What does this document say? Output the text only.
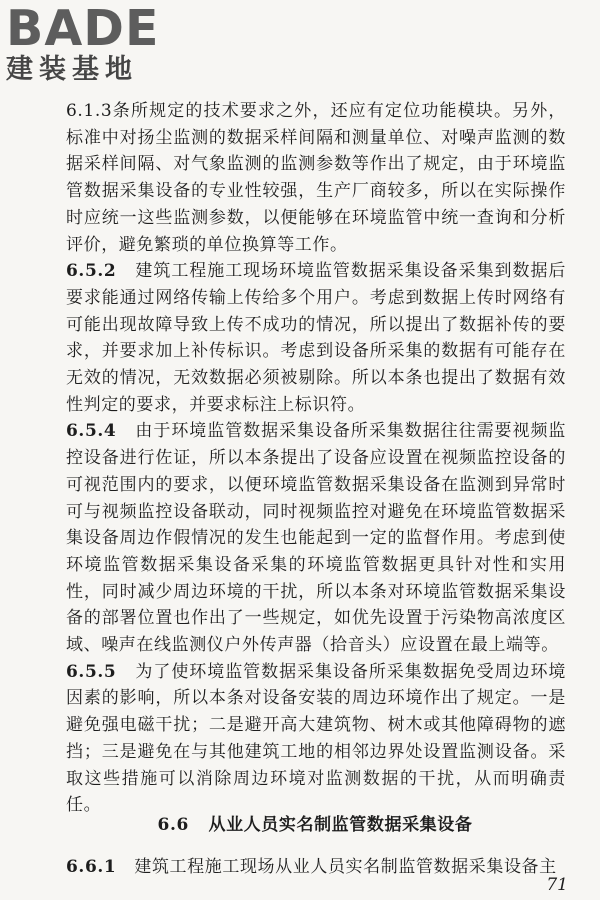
BADE
建装基地

6.1.3条所规定的技术要求之外，还应有定位功能模块。另外，标准中对扬尘监测的数据采样间隔和测量单位、对噪声监测的数据采样间隔、对气象监测的监测参数等作出了规定，由于环境监管数据采集设备的专业性较强，生产厂商较多，所以在实际操作时应统一这些监测参数，以便能够在环境监管中统一查询和分析评价，避免繁琐的单位换算等工作。

6.5.2 建筑工程施工现场环境监管数据采集设备采集到数据后要求能通过网络传输上传给多个用户。考虑到数据上传时网络有可能出现故障导致上传不成功的情况，所以提出了数据补传的要求，并要求加上补传标识。考虑到设备所采集的数据有可能存在无效的情况，无效数据必须被剔除。所以本条也提出了数据有效性判定的要求，并要求标注上标识符。

6.5.4 由于环境监管数据采集设备所采集数据往往需要视频监控设备进行佐证，所以本条提出了设备应设置在视频监控设备的可视范围内的要求，以便环境监管数据采集设备在监测到异常时可与视频监控设备联动，同时视频监控对避免在环境监管数据采集设备周边作假情况的发生也能起到一定的监督作用。考虑到使环境监管数据采集设备采集的环境监管数据更具针对性和实用性，同时减少周边环境的干扰，所以本条对环境监管数据采集设备的部署位置也作出了一些规定，如优先设置于污染物高浓度区域、噪声在线监测仪户外传声器（拾音头）应设置在最上端等。

6.5.5 为了使环境监管数据采集设备所采集数据免受周边环境因素的影响，所以本条对设备安装的周边环境作出了规定。一是避免强电磁干扰；二是避开高大建筑物、树木或其他障碍物的遮挡；三是避免在与其他建筑工地的相邻边界处设置监测设备。采取这些措施可以消除周边环境对监测数据的干扰，从而明确责任。

6.6 从业人员实名制监管数据采集设备
6.6.1 建筑工程施工现场从业人员实名制监管数据采集设备主
71
